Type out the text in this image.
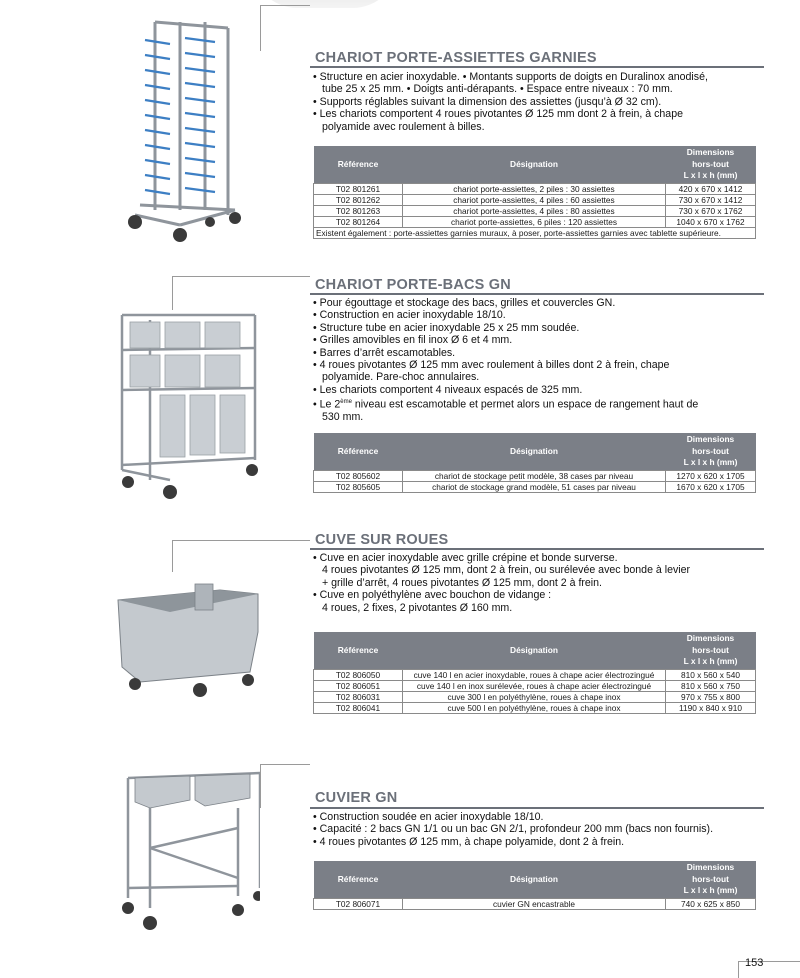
CHARIOT PORTE-ASSIETTES GARNIES

• Structure en acier inoxydable. • Montants supports de doigts en Duralinox anodisé,

tube 25 x 25 mm. • Doigts anti-dérapants. • Espace entre niveaux : 70 mm.

• Supports réglables suivant la dimension des assiettes (jusqu’à Ø 32 cm).

• Les chariots comportent 4 roues pivotantes Ø 125 mm dont 2 à frein, à chape

polyamide avec roulement à billes.

Référence	Désignation	Dimensions
hors-tout
L x l x h (mm)
T02 801261	chariot porte-assiettes, 2 piles : 30 assiettes	420 x 670 x 1412
T02 801262	chariot porte-assiettes, 4 piles : 60 assiettes	730 x 670 x 1412
T02 801263	chariot porte-assiettes, 4 piles : 80 assiettes	730 x 670 x 1762
T02 801264	chariot porte-assiettes, 6 piles : 120 assiettes	1040 x 670 x 1762
Existent également : porte-assiettes garnies muraux, à poser, porte-assiettes garnies avec tablette supérieure.		
CHARIOT PORTE-BACS GN

• Pour égouttage et stockage des bacs, grilles et couvercles GN.

• Construction en acier inoxydable 18/10.

• Structure tube en acier inoxydable 25 x 25 mm soudée.

• Grilles amovibles en fil inox Ø 6 et 4 mm.

• Barres d’arrêt escamotables.

• 4 roues pivotantes Ø 125 mm avec roulement à billes dont 2 à frein, chape

polyamide. Pare-choc annulaires.

• Les chariots comportent 4 niveaux espacés de 325 mm.

• Le 2ème niveau est escamotable et permet alors un espace de rangement haut de

530 mm.

Référence	Désignation	Dimensions
hors-tout
L x l x h (mm)
T02 805602	chariot de stockage petit modèle, 38 cases par niveau	1270 x 620 x 1705
T02 805605	chariot de stockage grand modèle, 51 cases par niveau	1670 x 620 x 1705
CUVE SUR ROUES

• Cuve en acier inoxydable avec grille crépine et bonde surverse.

4 roues pivotantes Ø 125 mm, dont 2 à frein, ou surélevée avec bonde à levier

+ grille d’arrêt, 4 roues pivotantes Ø 125 mm, dont 2 à frein.

• Cuve en polyéthylène avec bouchon de vidange :

4 roues, 2 fixes, 2 pivotantes Ø 160 mm.

Référence	Désignation	Dimensions
hors-tout
L x l x h (mm)
T02 806050	cuve 140 l en acier inoxydable, roues à chape acier électrozingué	810 x 560 x 540
T02 806051	cuve 140 l en inox surélevée, roues à chape acier électrozingué	810 x 560 x 750
T02 806031	cuve 300 l en polyéthylène, roues à chape inox	970 x 755 x 800
T02 806041	cuve 500 l en polyéthylène, roues à chape inox	1190 x 840 x 910
CUVIER GN

• Construction soudée en acier inoxydable 18/10.

• Capacité : 2 bacs GN 1/1 ou un bac GN 2/1, profondeur 200 mm (bacs non fournis).

• 4 roues pivotantes Ø 125 mm, à chape polyamide, dont 2 à frein.

Référence	Désignation	Dimensions
hors-tout
L x l x h (mm)
T02 806071	cuvier GN encastrable	740 x 625 x 850
153
